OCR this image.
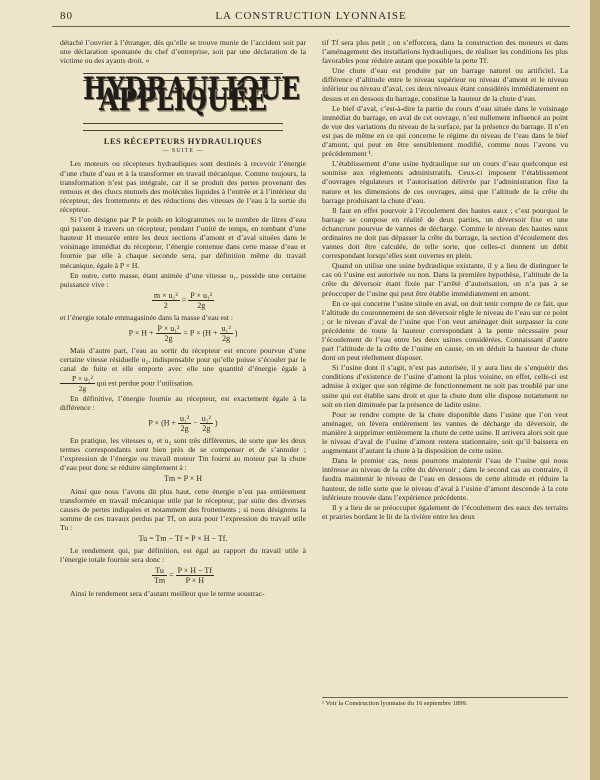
80	LA CONSTRUCTION LYONNAISE

détaché l’ouvrier à l’étranger, dès qu’elle se trouve munie de l’accident soit par une déclaration spontanée du chef d’entreprise, soit par une déclaration de la victime ou des ayants droit. »

HYDRAULIQUE APPLIQUÉE
LES RÉCEPTEURS HYDRAULIQUES
— SUITE —

Les moteurs ou récepteurs hydrauliques sont destinés à recevoir l’énergie d’une chute d’eau et à la transformer en travail mécanique. Comme toujours, la transformation n’est pas intégrale, car il se produit des pertes provenant des remous et des chocs mutuels des molécules liquides à l’entrée et à l’intérieur du récepteur, des frottements et des réductions des vitesses de l’eau à la sortie du récepteur.

Si l’on désigne par P le poids en kilogrammes ou le nombre de litres d’eau qui passent à travers un récepteur, pendant l’unité de temps, en tombant d’une hauteur H mesurée entre les deux sections d’amont et d’aval situées dans le voisinage immédiat du récepteur, l’énergie contenue dans cette masse d’eau et fournie par elle à chaque seconde sera, par définition même du travail mécanique, égale à P × H.

En outre, cette masse, étant animée d’une vitesse u₁, possède une certaine puissance vive :

$\frac{\text{m × u₁²}}{2} = \frac{\text{P × u₁²}}{2g}$

et l’énergie totale emmagasinée dans la masse d’eau est :

$P \times H + \frac{\text{P × u₁²}}{2g} = P \times (H + \frac{\text{u₁²}}{2g}$ )

Mais d’autre part, l’eau au sortir du récepteur est encore pourvue d’une certaine vitesse résiduelle u₂, indispensable pour qu’elle puisse s’écouler par le canal de fuite et elle emporte avec elle une quantité d’énergie égale à
$\frac{\text{P × u₂²}}{2g}$ qui est perdue pour l’utilisation.

En définitive, l’énergie fournie au récepteur, est exactement égale à la différence :

$P \times (H + \frac{\text{u₁²}}{2g} - \frac{\text{u₂²}}{2g}$ )

En pratique, les vitesses u₁ et u₂ sont très différentes, de sorte que les deux termes correspondants sont bien près de se compenser et de s’annuler ; l’expression de l’énergie ou travail moteur Tm fourni au moteur par la chute d’eau peut donc se réduire simplement à :

Tm = P × H

Ainsi que nous l’avons dit plus haut, cette énergie n’est pas entièrement transformée en travail mécanique utile par le récepteur, par suite des diverses causes de pertes indiquées et notamment des frottements ; si nous désignons la somme de ces travaux perdus par Tf, on aura pour l’expression du travail utile Tu :

Tu = Tm − Tf = P × H − Tf.

Le rendement qui, par définition, est égal au rapport du travail utile à l’énergie totale fournie sera donc :

$\frac{Tu}{Tm} = \frac{P \times H - Tf}{P \times H}$

Ainsi le rendement sera d’autant meilleur que le terme soustrac-

tif Tf sera plus petit ; on s’efforcera, dans la construction des moteurs et dans l’aménagement des installations hydrauliques, de réaliser les conditions les plus favorables pour réduire autant que possible la perte Tf.

Une chute d’eau est produite par un barrage naturel ou artificiel. La différence d’altitude entre le niveau supérieur ou niveau d’amont et le niveau inférieur ou niveau d’aval, ces deux niveaux étant considérés immédiatement en dessus et en dessous du barrage, constitue la hauteur de la chute d’eau.

Le bief d’aval, c’est-à-dire la partie du cours d’eau située dans le voisinage immédiat du barrage, en aval de cet ouvrage, n’est nullement influencé au point de vue des variations du niveau de la surface, par la présence du barrage. Il n’en est pas de même en ce qui concerne le régime du niveau de l’eau dans le bief d’amont, qui peut en être sensiblement modifié, comme nous l’avons vu précédemment ¹.

L’établissement d’une usine hydraulique sur un cours d’eau quelconque est soumise aux règlements administratifs. Ceux-ci imposent l’établissement d’ouvrages régulateurs et l’autorisation délivrée par l’administration fixe la nature et les dimensions de ces ouvrages, ainsi que l’altitude de la crête du barrage produisant la chute d’eau.

Il faut en effet pourvoir à l’écoulement des hautes eaux ; c’est pourquoi le barrage se compose en réalité de deux parties, un déversoir fixe et une échancrure pourvue de vannes de décharge. Comme le niveau des hautes eaux ordinaires ne doit pas dépasser la crête du barrage, la section d’écoulement des vannes doit être calculée, de telle sorte, que celles-ci donnent un débit correspondant lorsqu’elles sont ouvertes en plein.

Quand on utilise une usine hydraulique existante, il y a lieu de distinguer le cas où l’usine est autorisée ou non. Dans la première hypothèse, l’altitude de la crête du déversoir étant fixée par l’arrêté d’autorisation, on n’a pas à se préoccuper de l’usine qui peut être établie immédiatement en amont.

En ce qui concerne l’usine située en aval, on doit tenir compte de ce fait, que l’altitude du couronnement de son déversoir règle le niveau de l’eau sur ce point ; or le niveau d’aval de l’usine que l’on veut aménager doit surpasser la cote précédente de toute la hauteur correspondant à la pente nécessaire pour l’écoulement de l’eau entre les deux usines considérées. Connaissant d’autre part l’altitude de la crête de l’usine en cause, on en déduit la hauteur de chute dont on peut réellement disposer.

Si l’usine dont il s’agit, n’est pas autorisée, il y aura lieu de s’enquérir des conditions d’existence de l’usine d’amont la plus voisine, en effet, celle-ci est admise à exiger que son régime de fonctionnement ne soit pas troublé par une usine qui est établie sans droit et que la chute dont elle dispose notamment ne soit en rien diminuée par la présence de ladite usine.

Pour se rendre compte de la chute disponible dans l’usine que l’on veut aménager, on lèvera entièrement les vannes de décharge du déversoir, de manière à supprimer entièrement la chute de cette usine. Il arrivera alors soit que le niveau d’aval de l’usine d’amont restera stationnaire, soit qu’il baissera en augmentant d’autant la chute à la disposition de cette usine.

Dans le premier cas, nous pourrons maintenir l’eau de l’usine qui nous intéresse au niveau de la crête du déversoir ; dans le second cas au contraire, il faudra maintenir le niveau de l’eau en dessous de cette altitude et réduire la hauteur, de telle sorte que le niveau d’aval à l’usine d’amont descende à la cote inférieure trouvée dans l’expérience précédente.

Il y a lieu de se préoccuper également de l’écoulement des eaux des terrains et prairies bordant le lit de la rivière entre les deux

¹ Voir la Construction lyonnaise du 16 septembre 1899.
